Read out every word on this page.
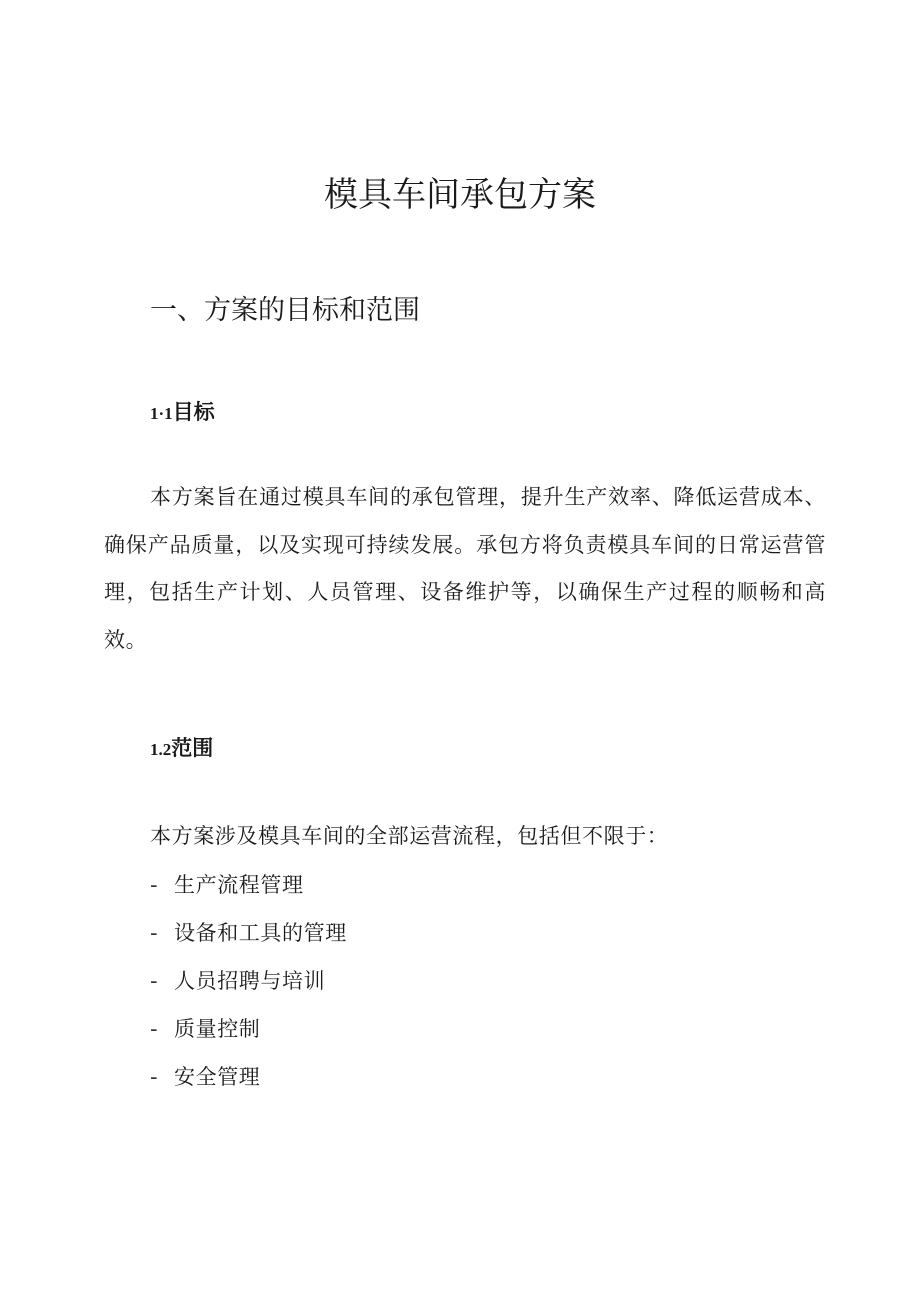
模具车间承包方案
一、方案的目标和范围
1·1目标

本方案旨在通过模具车间的承包管理，提升生产效率、降低运营成本、确保产品质量，以及实现可持续发展。承包方将负责模具车间的日常运营管理，包括生产计划、人员管理、设备维护等，以确保生产过程的顺畅和高效。

1.2范围

本方案涉及模具车间的全部运营流程，包括但不限于：

- 生产流程管理
- 设备和工具的管理
- 人员招聘与培训
- 质量控制
- 安全管理
